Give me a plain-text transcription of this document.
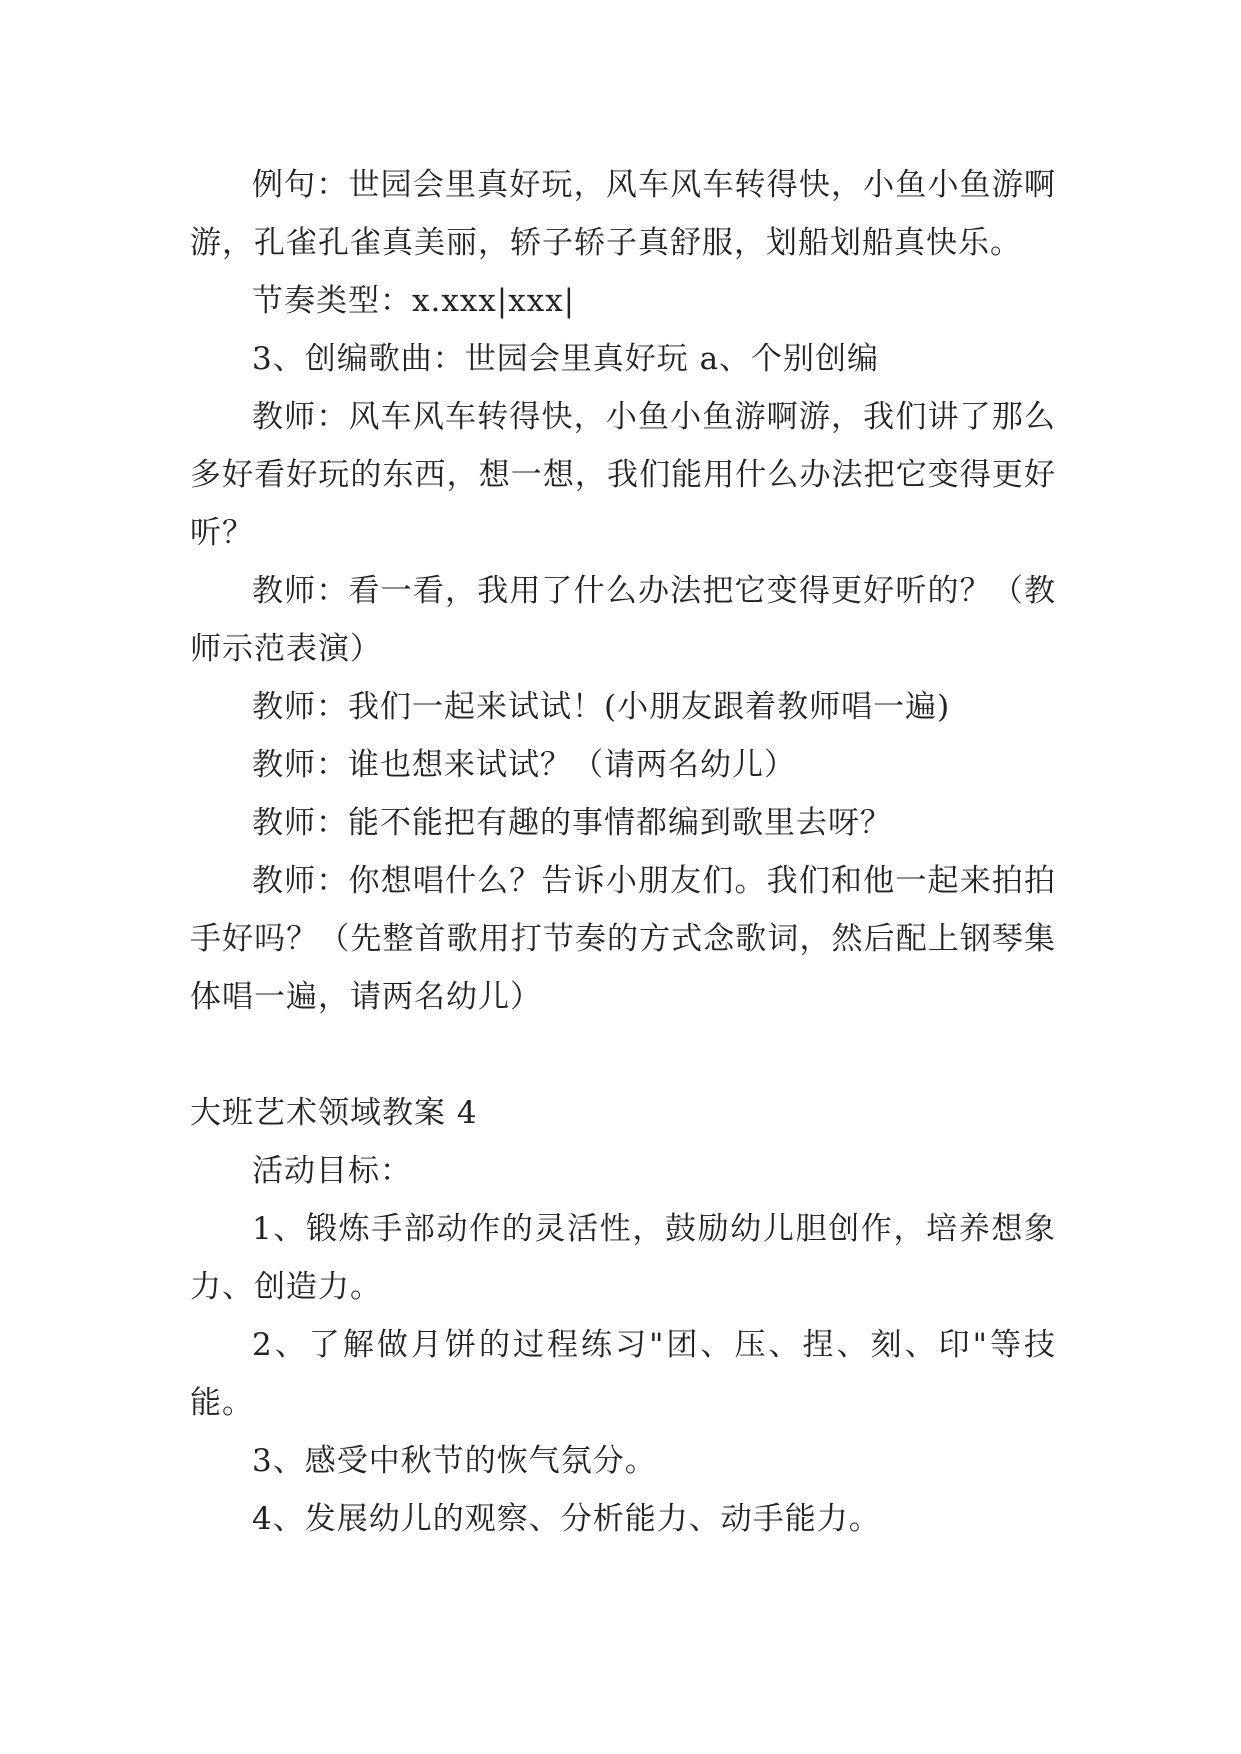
例句：世园会里真好玩，风车风车转得快，小鱼小鱼游啊游，孔雀孔雀真美丽，轿子轿子真舒服，划船划船真快乐。

节奏类型：x.xxx|xxx|

3、创编歌曲：世园会里真好玩 a、个别创编

教师：风车风车转得快，小鱼小鱼游啊游，我们讲了那么多好看好玩的东西，想一想，我们能用什么办法把它变得更好听？

教师：看一看，我用了什么办法把它变得更好听的？（教师示范表演）

教师：我们一起来试试！(小朋友跟着教师唱一遍)

教师：谁也想来试试？（请两名幼儿）

教师：能不能把有趣的事情都编到歌里去呀？

教师：你想唱什么？告诉小朋友们。我们和他一起来拍拍手好吗？（先整首歌用打节奏的方式念歌词，然后配上钢琴集体唱一遍，请两名幼儿）

大班艺术领域教案 4

活动目标：

1、锻炼手部动作的灵活性，鼓励幼儿胆创作，培养想象力、创造力。

2、了解做月饼的过程练习"团、压、捏、刻、印"等技能。

3、感受中秋节的恢气氛分。

4、发展幼儿的观察、分析能力、动手能力。
